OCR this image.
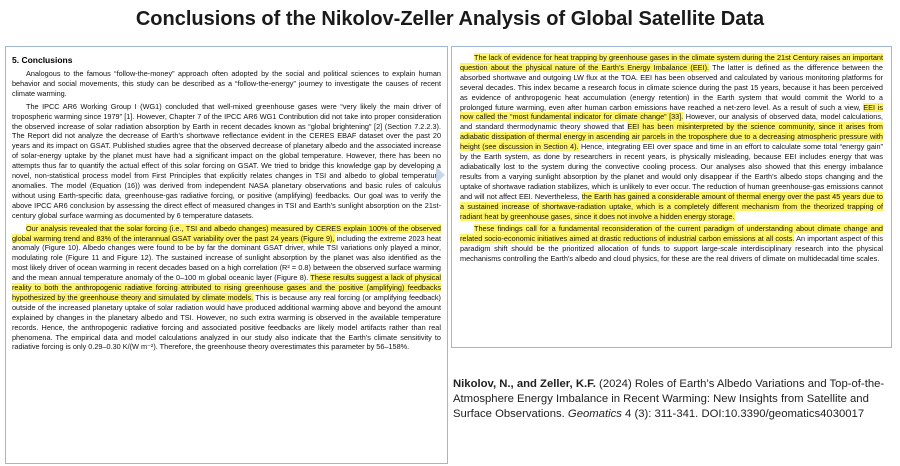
Conclusions of the Nikolov-Zeller Analysis of Global Satellite Data
5. Conclusions

Analogous to the famous “follow-the-money” approach often adopted by the social and political sciences to explain human behavior and social movements, this study can be described as a “follow-the-energy” journey to investigate the causes of recent climate warming.

The IPCC AR6 Working Group I (WG1) concluded that well-mixed greenhouse gases were “very likely the main driver of tropospheric warming since 1979” [1]. However, Chapter 7 of the IPCC AR6 WG1 Contribution did not take into proper consideration the observed increase of solar radiation absorption by Earth in recent decades known as “global brightening” [2] (Section 7.2.2.3). The Report did not analyze the decrease of Earth’s shortwave reflectance evident in the CERES EBAF dataset over the past 20 years and its impact on GSAT. Published studies agree that the observed decrease of planetary albedo and the associated increase of solar-energy uptake by the planet must have had a significant impact on the global temperature. However, there has been no attempts thus far to quantify the actual effect of this solar forcing on GSAT. We tried to bridge this knowledge gap by developing a novel, non-statistical process model from First Principles that explicitly relates changes in TSI and albedo to global temperature anomalies. The model (Equation (16)) was derived from independent NASA planetary observations and basic rules of calculus without using Earth-specific data, greenhouse-gas radiative forcing, or positive (amplifying) feedbacks. Our goal was to verify the above IPCC AR6 conclusion by assessing the direct effect of measured changes in TSI and Earth’s sunlight absorption on the 21st-century global surface warming as documented by 6 temperature datasets.

Our analysis revealed that the solar forcing (i.e., TSI and albedo changes) measured by CERES explain 100% of the observed global warming trend and 83% of the interannual GSAT variability over the past 24 years (Figure 9), including the extreme 2023 heat anomaly (Figure 10). Albedo changes were found to be by far the dominant GSAT driver, while TSI variations only played a minor, modulating role (Figure 11 and Figure 12). The sustained increase of sunlight absorption by the planet was also identified as the most likely driver of ocean warming in recent decades based on a high correlation (R² = 0.8) between the observed surface warming and the mean annual temperature anomaly of the 0–100 m global oceanic layer (Figure 8). These results suggest a lack of physical reality to both the anthropogenic radiative forcing attributed to rising greenhouse gases and the positive (amplifying) feedbacks hypothesized by the greenhouse theory and simulated by climate models. This is because any real forcing (or amplifying feedback) outside of the increased planetary uptake of solar radiation would have produced additional warming above and beyond the amount explained by changes in the planetary albedo and TSI. However, no such extra warming is observed in the available temperature records. Hence, the anthropogenic radiative forcing and associated positive feedbacks are likely model artifacts rather than real phenomena. The empirical data and model calculations analyzed in our study also indicate that the Earth’s climate sensitivity to radiative forcing is only 0.29–0.30 K/(W m⁻²). Therefore, the greenhouse theory overestimates this parameter by 56–158%.

The lack of evidence for heat trapping by greenhouse gases in the climate system during the 21st Century raises an important question about the physical nature of the Earth’s Energy Imbalance (EEI). The latter is defined as the difference between the absorbed shortwave and outgoing LW flux at the TOA. EEI has been observed and calculated by various monitoring platforms for several decades. This index became a research focus in climate science during the past 15 years, because it has been perceived as evidence of anthropogenic heat accumulation (energy retention) in the Earth system that would commit the World to a prolonged future warming, even after human carbon emissions have reached a net-zero level. As a result of such a view, EEI is now called the “most fundamental indicator for climate change” [33]. However, our analysis of observed data, model calculations, and standard thermodynamic theory showed that EEI has been misinterpreted by the science community, since it arises from adiabatic dissipation of thermal energy in ascending air parcels in the troposphere due to a decreasing atmospheric pressure with height (see discussion in Section 4). Hence, integrating EEI over space and time in an effort to calculate some total “energy gain” by the Earth system, as done by researchers in recent years, is physically misleading, because EEI includes energy that was adiabatically lost to the system during the convective cooling process. Our analyses also showed that this energy imbalance results from a varying sunlight absorption by the planet and would only disappear if the Earth’s albedo stops changing and the uptake of shortwave radiation stabilizes, which is unlikely to ever occur. The reduction of human greenhouse-gas emissions cannot and will not affect EEI. Nevertheless, the Earth has gained a considerable amount of thermal energy over the past 45 years due to a sustained increase of shortwave-radiation uptake, which is a completely different mechanism from the theorized trapping of radiant heat by greenhouse gases, since it does not involve a hidden energy storage.

These findings call for a fundamental reconsideration of the current paradigm of understanding about climate change and related socio-economic initiatives aimed at drastic reductions of industrial carbon emissions at all costs. An important aspect of this paradigm shift should be the prioritized allocation of funds to support large-scale interdisciplinary research into the physical mechanisms controlling the Earth’s albedo and cloud physics, for these are the real drivers of climate on multidecadal time scales.

Nikolov, N., and Zeller, K.F. (2024) Roles of Earth’s Albedo Variations and Top-of-the-Atmosphere Energy Imbalance in Recent Warming: New Insights from Satellite and Surface Observations. Geomatics 4 (3): 311-341. DOI:10.3390/geomatics4030017
